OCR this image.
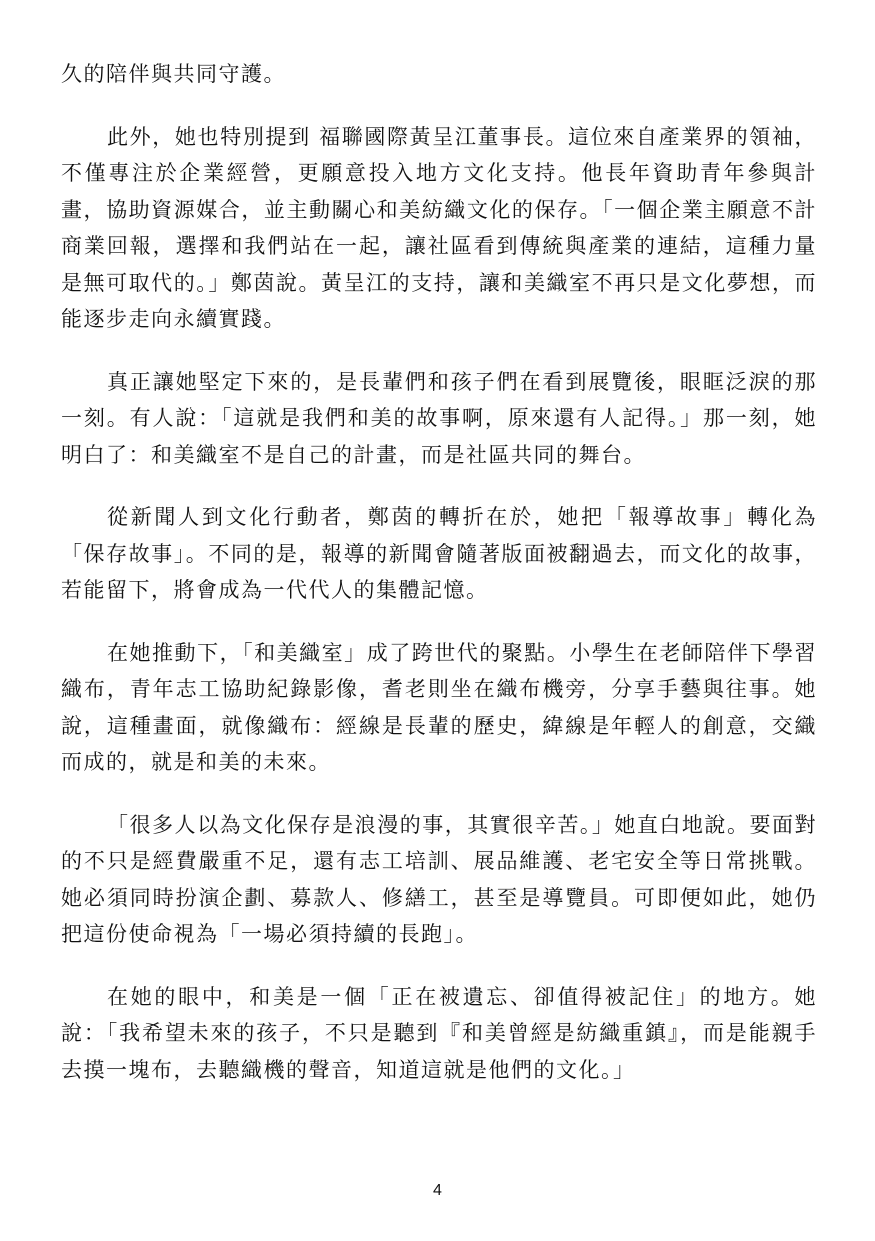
久的陪伴與共同守護。

此外，她也特別提到 福聯國際黃呈江董事長。這位來自產業界的領袖，不僅專注於企業經營，更願意投入地方文化支持。他長年資助青年參與計畫，協助資源媒合，並主動關心和美紡織文化的保存。「一個企業主願意不計商業回報，選擇和我們站在一起，讓社區看到傳統與產業的連結，這種力量是無可取代的。」鄭茵說。黃呈江的支持，讓和美織室不再只是文化夢想，而能逐步走向永續實踐。

真正讓她堅定下來的，是長輩們和孩子們在看到展覽後，眼眶泛淚的那一刻。有人說：「這就是我們和美的故事啊，原來還有人記得。」那一刻，她明白了：和美織室不是自己的計畫，而是社區共同的舞台。

從新聞人到文化行動者，鄭茵的轉折在於，她把「報導故事」轉化為「保存故事」。不同的是，報導的新聞會隨著版面被翻過去，而文化的故事，若能留下，將會成為一代代人的集體記憶。

在她推動下，「和美織室」成了跨世代的聚點。小學生在老師陪伴下學習織布，青年志工協助紀錄影像，耆老則坐在織布機旁，分享手藝與往事。她說，這種畫面，就像織布：經線是長輩的歷史，緯線是年輕人的創意，交織而成的，就是和美的未來。

「很多人以為文化保存是浪漫的事，其實很辛苦。」她直白地說。要面對的不只是經費嚴重不足，還有志工培訓、展品維護、老宅安全等日常挑戰。她必須同時扮演企劃、募款人、修繕工，甚至是導覽員。可即便如此，她仍把這份使命視為「一場必須持續的長跑」。

在她的眼中，和美是一個「正在被遺忘、卻值得被記住」的地方。她說：「我希望未來的孩子，不只是聽到『和美曾經是紡織重鎮』，而是能親手去摸一塊布，去聽織機的聲音，知道這就是他們的文化。」

4
